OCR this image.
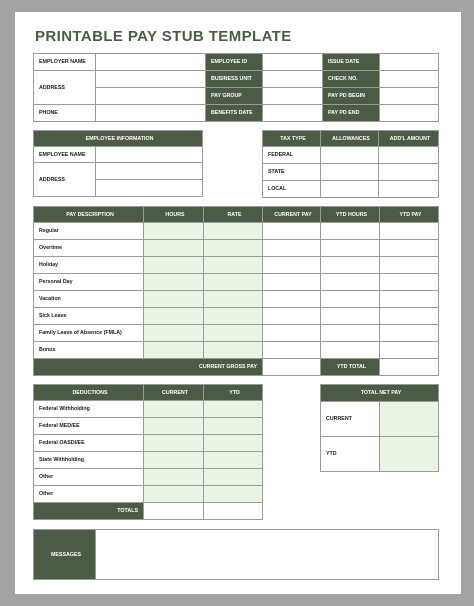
PRINTABLE PAY STUB TEMPLATE
EMPLOYER NAME		EMPLOYEE ID		ISSUE DATE	
ADDRESS		BUSINESS UNIT		CHECK NO.	
		PAY GROUP		PAY PD BEGIN	
PHONE		BENEFITS DATE		PAY PD END	
EMPLOYEE INFORMATION	
EMPLOYEE NAME	
ADDRESS	

TAX TYPE	ALLOWANCES	ADD'L AMOUNT
FEDERAL		
STATE		
LOCAL		
PAY DESCRIPTION	HOURS	RATE	CURRENT PAY	YTD HOURS	YTD PAY
Regular					
Overtime					
Holiday					
Personal Day					
Vacation					
Sick Leave					
Family Leave of Absence (FMLA)					
Bonus					
CURRENT GROSS PAY				YTD TOTAL	
DEDUCTIONS	CURRENT	YTD
Federal Withholding		
Federal MED/EE		
Federal OASDI/EE		
State Withholding		
Other		
Other		
TOTALS		
TOTAL NET PAY	
CURRENT	
YTD	
MESSAGES	
